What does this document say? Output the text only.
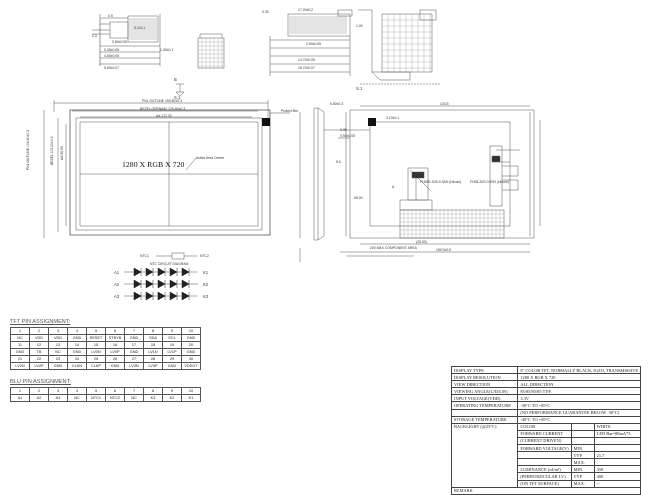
0.3
0.5
9.2±0.1
0.80±0.05
0.25±0.05
4.50±0.05
5.50±0.07
1.30±0.1
17.20±0.2
0.30
0.50±0.05
14.70±0.05
15.70±0.07
1.00
B
S.1
S.1
PNL OUTLINE 190.80±0.3
BEZEL OPENING 175.60±0.3
AA 172.32
PNL OUTLINE 106.40±0.3	BEZEL 102.20±0.3 AA 96.93	Active Area Center
Protect film
1280 X RGB X 720
FH26S-30S-0.3SH (Hirose)	FH28-20S-0.5SH (Hirose)
A
200 MAX COMPONENT AREA
5.80±0.3
0.35
0.90±0.05
8.6
3.10±0.1
133.5
150.0±0.5
68.00
(25.00)
NTC1	NTC2
NTC CIRCUIT DIAGRAM
A1
A2
A3
K1
K2
K3
TFT PIN ASSIGNMENT:
1	2	3	4	5	6	7	8	9	10
NC	VDD	VDD	GND	RESET	STBYB	GND	SDA	SCL	GND
11	12	13	14	15	16	17	18	19	20
GND	TB	NC	GND	LV0N	LV0P	GND	LV1N	LV1P	GND
21	22	23	24	25	26	27	28	29	30
LV2N	LV2P	GND	CLKN	CLKP	GND	LV3N	LV3P	GND	VDDOT
BLU PIN ASSIGNMENT:
1	2	3	4	5	6	7	8	9	10
A1	A2	A3	NC	NTC1	NTC2	NC	K3	K2	K1
DISPLAY TYPE	8" COLOR TFT, NORMALLY BLACK, IGZO, TRANSMISSIVE		
DISPLAY RESOLUTION	1280 X RGB X 720		
VIEW DIRECTION	ALL DIRECTION		
VIEWING ANGLE(U/D/L/R)	85/85/85/85 TYP.		
INPUT VOLTAGE(VDD)	3.3V		
OPERATING TEMPERATURE	-30°C TO +85°C		
	(NO PERFORMANCE GUARANTEE BELOW -30°C)		
STORAGE TEMPERATURE	-40°C TO +85°C		
BACKLIGHT (@25°C)	COLOR		WHITE
	FORWARD CURRENT		LED Bar=80mA*3
	(CURRENT DRIVEN)		
	FORWARD VOLTAGE(V)	MIN.	
		TYP.	21.7
		MAX.	
	LUMINANCE (cd/m²)	MIN.	350
	(PERPENDICULAR LV)	TYP.	400
	(ON TFT SURFACE)	MAX.	--
REMARK			
